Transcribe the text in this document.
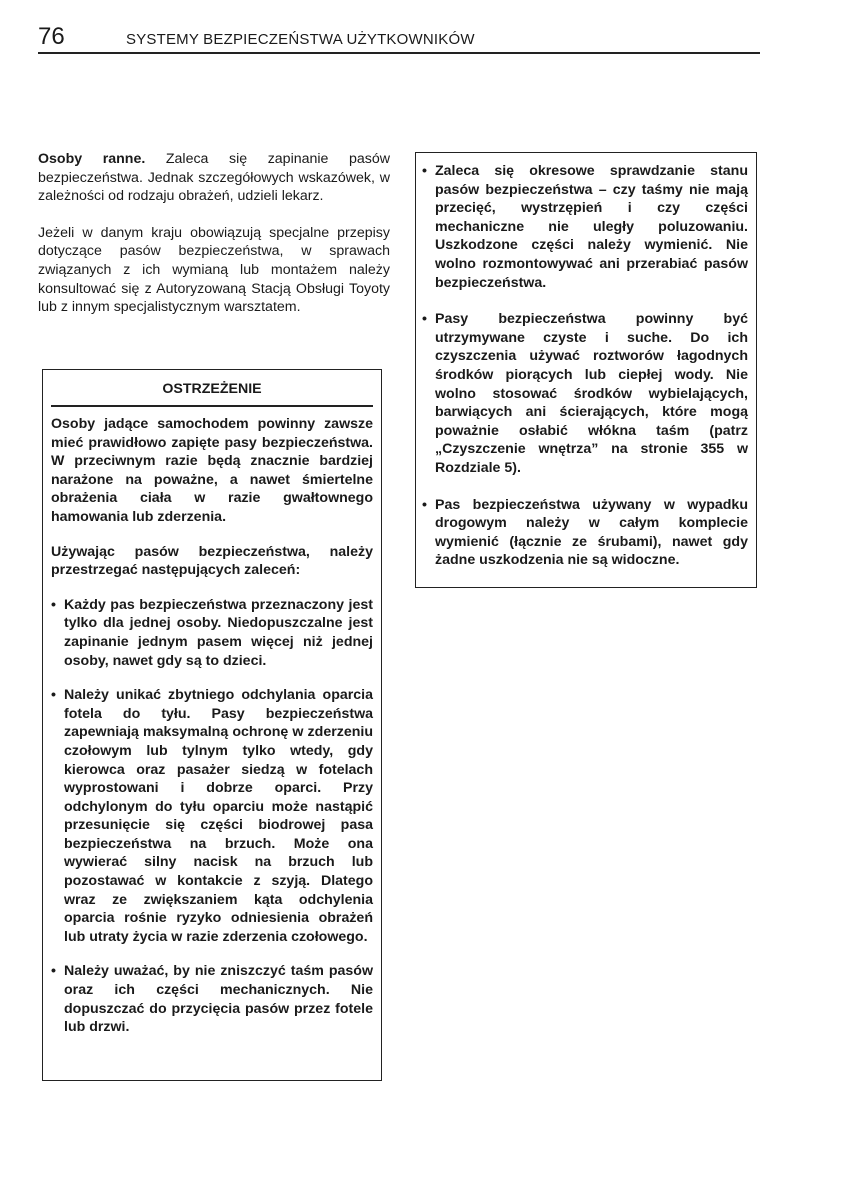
76	SYSTEMY BEZPIECZEŃSTWA UŻYTKOWNIKÓW

Osoby ranne. Zaleca się zapinanie pasów bezpieczeństwa. Jednak szczegółowych wskazówek, w zależności od rodzaju obrażeń, udzieli lekarz.

Jeżeli w danym kraju obowiązują specjalne przepisy dotyczące pasów bezpieczeństwa, w sprawach związanych z ich wymianą lub montażem należy konsultować się z Autoryzowaną Stacją Obsługi Toyoty lub z innym specjalistycznym warsztatem.

OSTRZEŻENIE

Osoby jadące samochodem powinny zawsze mieć prawidłowo zapięte pasy bezpieczeństwa. W przeciwnym razie będą znacznie bardziej narażone na poważne, a nawet śmiertelne obrażenia ciała w razie gwałtownego hamowania lub zderzenia.

Używając pasów bezpieczeństwa, należy przestrzegać następujących zaleceń:

• Każdy pas bezpieczeństwa przeznaczony jest tylko dla jednej osoby. Niedopuszczalne jest zapinanie jednym pasem więcej niż jednej osoby, nawet gdy są to dzieci.
• Należy unikać zbytniego odchylania oparcia fotela do tyłu. Pasy bezpieczeństwa zapewniają maksymalną ochronę w zderzeniu czołowym lub tylnym tylko wtedy, gdy kierowca oraz pasażer siedzą w fotelach wyprostowani i dobrze oparci. Przy odchylonym do tyłu oparciu może nastąpić przesunięcie się części biodrowej pasa bezpieczeństwa na brzuch. Może ona wywierać silny nacisk na brzuch lub pozostawać w kontakcie z szyją. Dlatego wraz ze zwiększaniem kąta odchylenia oparcia rośnie ryzyko odniesienia obrażeń lub utraty życia w razie zderzenia czołowego.
• Należy uważać, by nie zniszczyć taśm pasów oraz ich części mechanicznych. Nie dopuszczać do przycięcia pasów przez fotele lub drzwi.
• Zaleca się okresowe sprawdzanie stanu pasów bezpieczeństwa – czy taśmy nie mają przecięć, wystrzępień i czy części mechaniczne nie uległy poluzowaniu. Uszkodzone części należy wymienić. Nie wolno rozmontowywać ani przerabiać pasów bezpieczeństwa.
• Pasy bezpieczeństwa powinny być utrzymywane czyste i suche. Do ich czyszczenia używać roztworów łagodnych środków piorących lub ciepłej wody. Nie wolno stosować środków wybielających, barwiących ani ścierających, które mogą poważnie osłabić włókna taśm (patrz „Czyszczenie wnętrza” na stronie 355 w Rozdziale 5).
• Pas bezpieczeństwa używany w wypadku drogowym należy w całym komplecie wymienić (łącznie ze śrubami), nawet gdy żadne uszkodzenia nie są widoczne.
